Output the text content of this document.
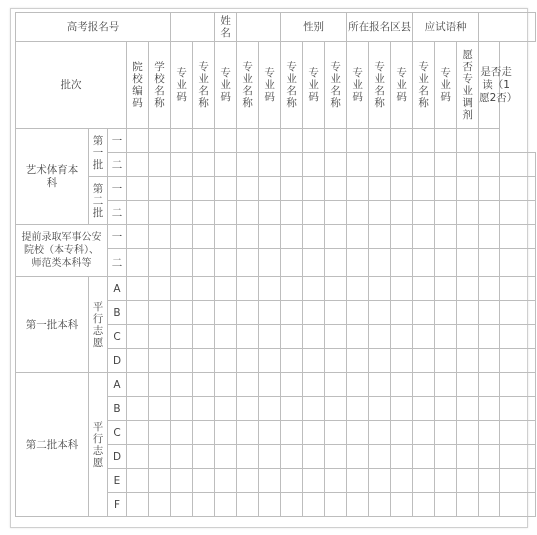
高考报名号							姓名			性别			所在报名区县			应试语种				
批次			院校编码	学校名称	专业码	专业名称	专业码	专业名称	专业码	专业名称	专业码	专业名称	专业码	专业名称	专业码	专业名称	专业码	愿否专业调剂	是否走读（1愿2否）	
艺术体育本科	第一批	一																		
		二																		
	第二批	一																		
		二																		
提前录取军事公安院校（本专科）、师范类本科等		一																		
		二																		
第一批本科	平行志愿	A																		
		B																		
		C																		
		D																		
第二批本科	平行志愿	A																		
		B																		
		C																		
		D																		
		E																		
		F																		
